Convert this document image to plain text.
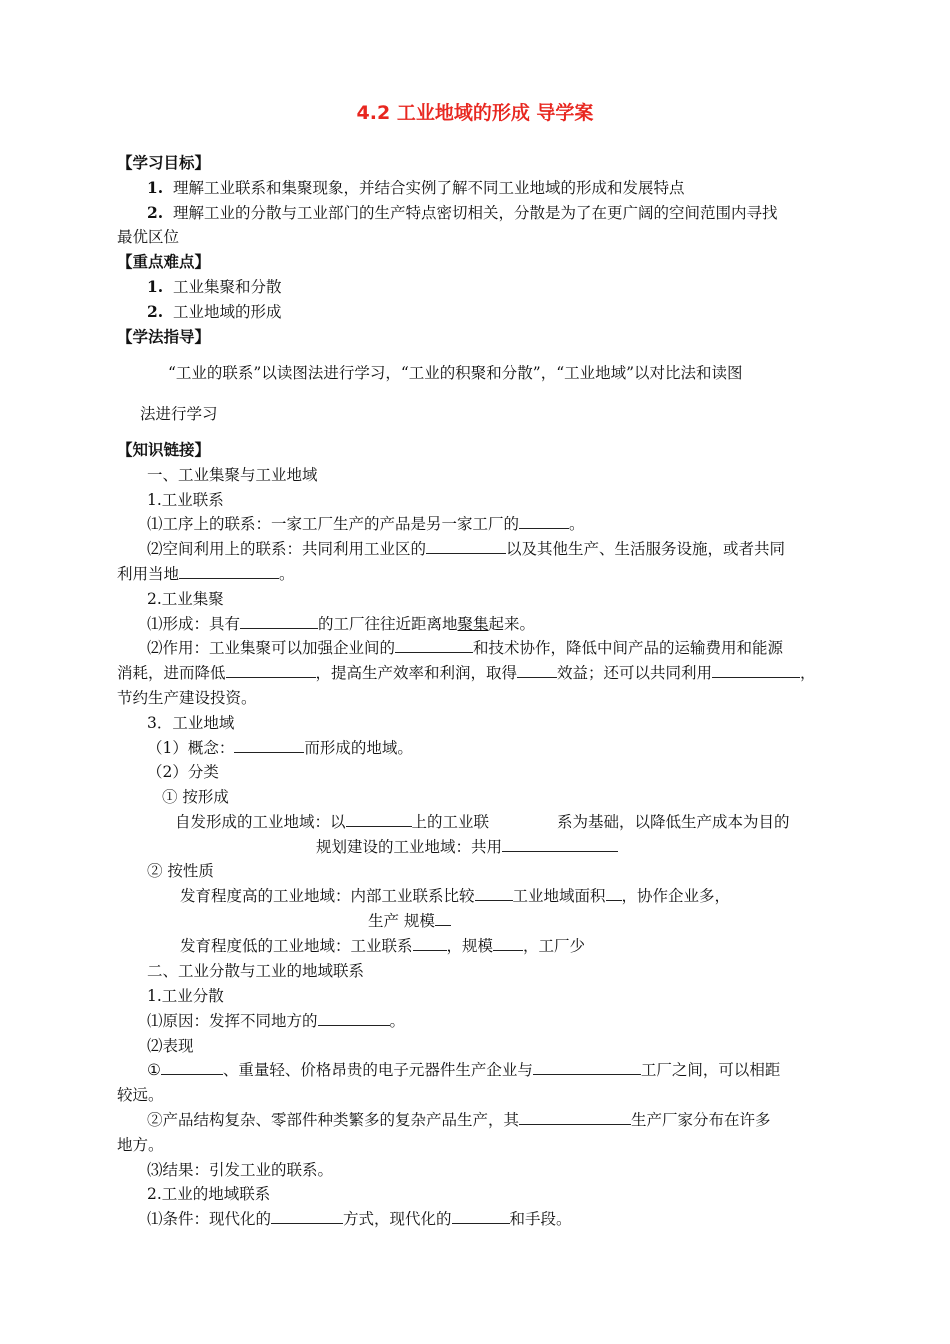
4.2 工业地域的形成 导学案
【学习目标】
1. 理解工业联系和集聚现象，并结合实例了解不同工业地域的形成和发展特点
2. 理解工业的分散与工业部门的生产特点密切相关，分散是为了在更广阔的空间范围内寻找
最优区位
【重点难点】
1. 工业集聚和分散
2. 工业地域的形成
【学法指导】
“工业的联系”以读图法进行学习，“工业的积聚和分散”，“工业地域”以对比法和读图
法进行学习
【知识链接】
一、工业集聚与工业地域
1.工业联系
⑴工序上的联系：一家工厂生产的产品是另一家工厂的	。
⑵空间利用上的联系：共同利用工业区的	以及其他生产、生活服务设施，或者共同
利用当地	。
2.工业集聚
⑴形成：具有	的工厂往往近距离地聚集起来。
⑵作用：工业集聚可以加强企业间的	和技术协作，降低中间产品的运输费用和能源
消耗，进而降低	，提高生产效率和利润，取得	效益；还可以共同利用	，
节约生产建设投资。
3．工业地域
（1）概念：	而形成的地域。
（2）分类
① 按形成
自发形成的工业地域：以	上的工业联	系为基础，以降低生产成本为目的
规划建设的工业地域：共用
② 按性质
发育程度高的工业地域：内部工业联系比较 工业地域面积 ，协作企业多，
生产 规模
发育程度低的工业地域：工业联系 ，规模 ，工厂少
二、工业分散与工业的地域联系
1.工业分散
⑴原因：发挥不同地方的	。
⑵表现
①	、重量轻、价格昂贵的电子元器件生产企业与	工厂之间，可以相距
较远。
②产品结构复杂、零部件种类繁多的复杂产品生产，其	生产厂家分布在许多
地方。
⑶结果：引发工业的联系。
2.工业的地域联系
⑴条件：现代化的	方式，现代化的	和手段。
